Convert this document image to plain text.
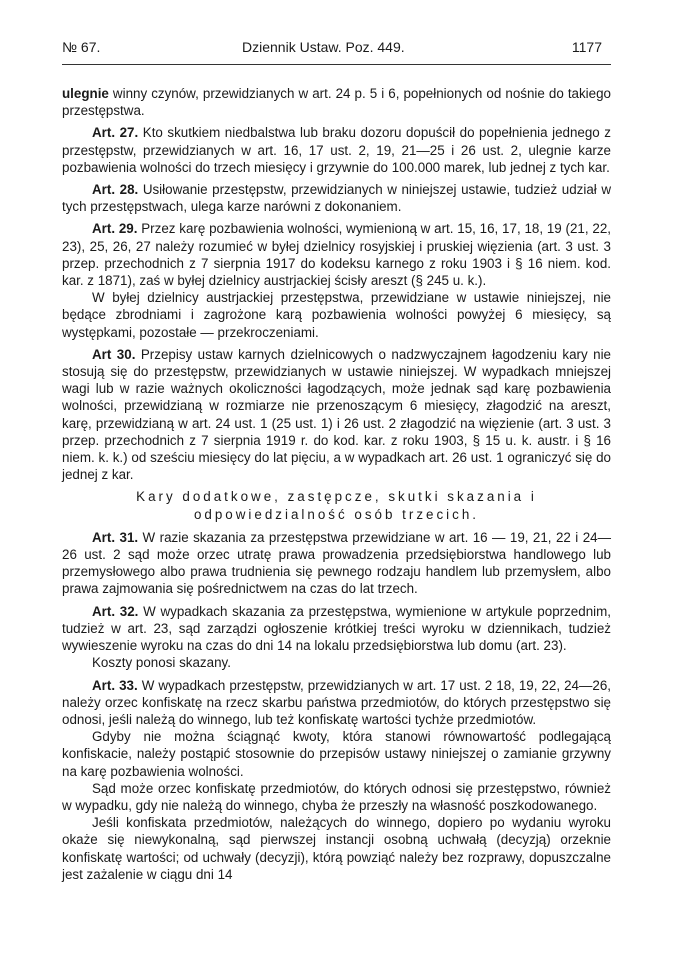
№ 67.	Dziennik Ustaw. Poz. 449.	1177

ulegnie winny czynów, przewidzianych w art. 24 p. 5 i 6, popełnionych od nośnie do takiego przestępstwa.

Art. 27. Kto skutkiem niedbalstwa lub braku dozoru dopuścił do popełnienia jednego z przestępstw, przewidzianych w art. 16, 17 ust. 2, 19, 21—25 i 26 ust. 2, ulegnie karze pozbawienia wolności do trzech miesięcy i grzywnie do 100.000 marek, lub jednej z tych kar.

Art. 28. Usiłowanie przestępstw, przewidzianych w niniejszej ustawie, tudzież udział w tych przestępstwach, ulega karze narówni z dokonaniem.

Art. 29. Przez karę pozbawienia wolności, wymienioną w art. 15, 16, 17, 18, 19 (21, 22, 23), 25, 26, 27 należy rozumieć w byłej dzielnicy rosyjskiej i pruskiej więzienia (art. 3 ust. 3 przep. przechodnich z 7 sierpnia 1917 do kodeksu karnego z roku 1903 i § 16 niem. kod. kar. z 1871), zaś w byłej dzielnicy austrjackiej ścisły areszt (§ 245 u. k.).

W byłej dzielnicy austrjackiej przestępstwa, przewidziane w ustawie niniejszej, nie będące zbrodniami i zagrożone karą pozbawienia wolności powyżej 6 miesięcy, są występkami, pozostałe — przekroczeniami.

Art 30. Przepisy ustaw karnych dzielnicowych o nadzwyczajnem łagodzeniu kary nie stosują się do przestępstw, przewidzianych w ustawie niniejszej. W wypadkach mniejszej wagi lub w razie ważnych okoliczności łagodzących, może jednak sąd karę pozbawienia wolności, przewidzianą w rozmiarze nie przenoszącym 6 miesięcy, złagodzić na areszt, karę, przewidzianą w art. 24 ust. 1 (25 ust. 1) i 26 ust. 2 złagodzić na więzienie (art. 3 ust. 3 przep. przechodnich z 7 sierpnia 1919 r. do kod. kar. z roku 1903, § 15 u. k. austr. i § 16 niem. k. k.) od sześciu miesięcy do lat pięciu, a w wypadkach art. 26 ust. 1 ograniczyć się do jednej z kar.

Kary dodatkowe, zastępcze, skutki skazania i odpowiedzialność osób trzecich.

Art. 31. W razie skazania za przestępstwa przewidziane w art. 16 — 19, 21, 22 i 24—26 ust. 2 sąd może orzec utratę prawa prowadzenia przedsiębiorstwa handlowego lub przemysłowego albo prawa trudnienia się pewnego rodzaju handlem lub przemysłem, albo prawa zajmowania się pośrednictwem na czas do lat trzech.

Art. 32. W wypadkach skazania za przestępstwa, wymienione w artykule poprzednim, tudzież w art. 23, sąd zarządzi ogłoszenie krótkiej treści wyroku w dziennikach, tudzież wywieszenie wyroku na czas do dni 14 na lokalu przedsiębiorstwa lub domu (art. 23).

Koszty ponosi skazany.

Art. 33. W wypadkach przestępstw, przewidzianych w art. 17 ust. 2 18, 19, 22, 24—26, należy orzec konfiskatę na rzecz skarbu państwa przedmiotów, do których przestępstwo się odnosi, jeśli należą do winnego, lub też konfiskatę wartości tychże przedmiotów.

Gdyby nie można ściągnąć kwoty, która stanowi równowartość podlegającą konfiskacie, należy postąpić stosownie do przepisów ustawy niniejszej o zamianie grzywny na karę pozbawienia wolności.

Sąd może orzec konfiskatę przedmiotów, do których odnosi się przestępstwo, również w wypadku, gdy nie należą do winnego, chyba że przeszły na własność poszkodowanego.

Jeśli konfiskata przedmiotów, należących do winnego, dopiero po wydaniu wyroku okaże się niewykonalną, sąd pierwszej instancji osobną uchwałą (decyzją) orzeknie konfiskatę wartości; od uchwały (decyzji), którą powziąć należy bez rozprawy, dopuszczalne jest zażalenie w ciągu dni 14
